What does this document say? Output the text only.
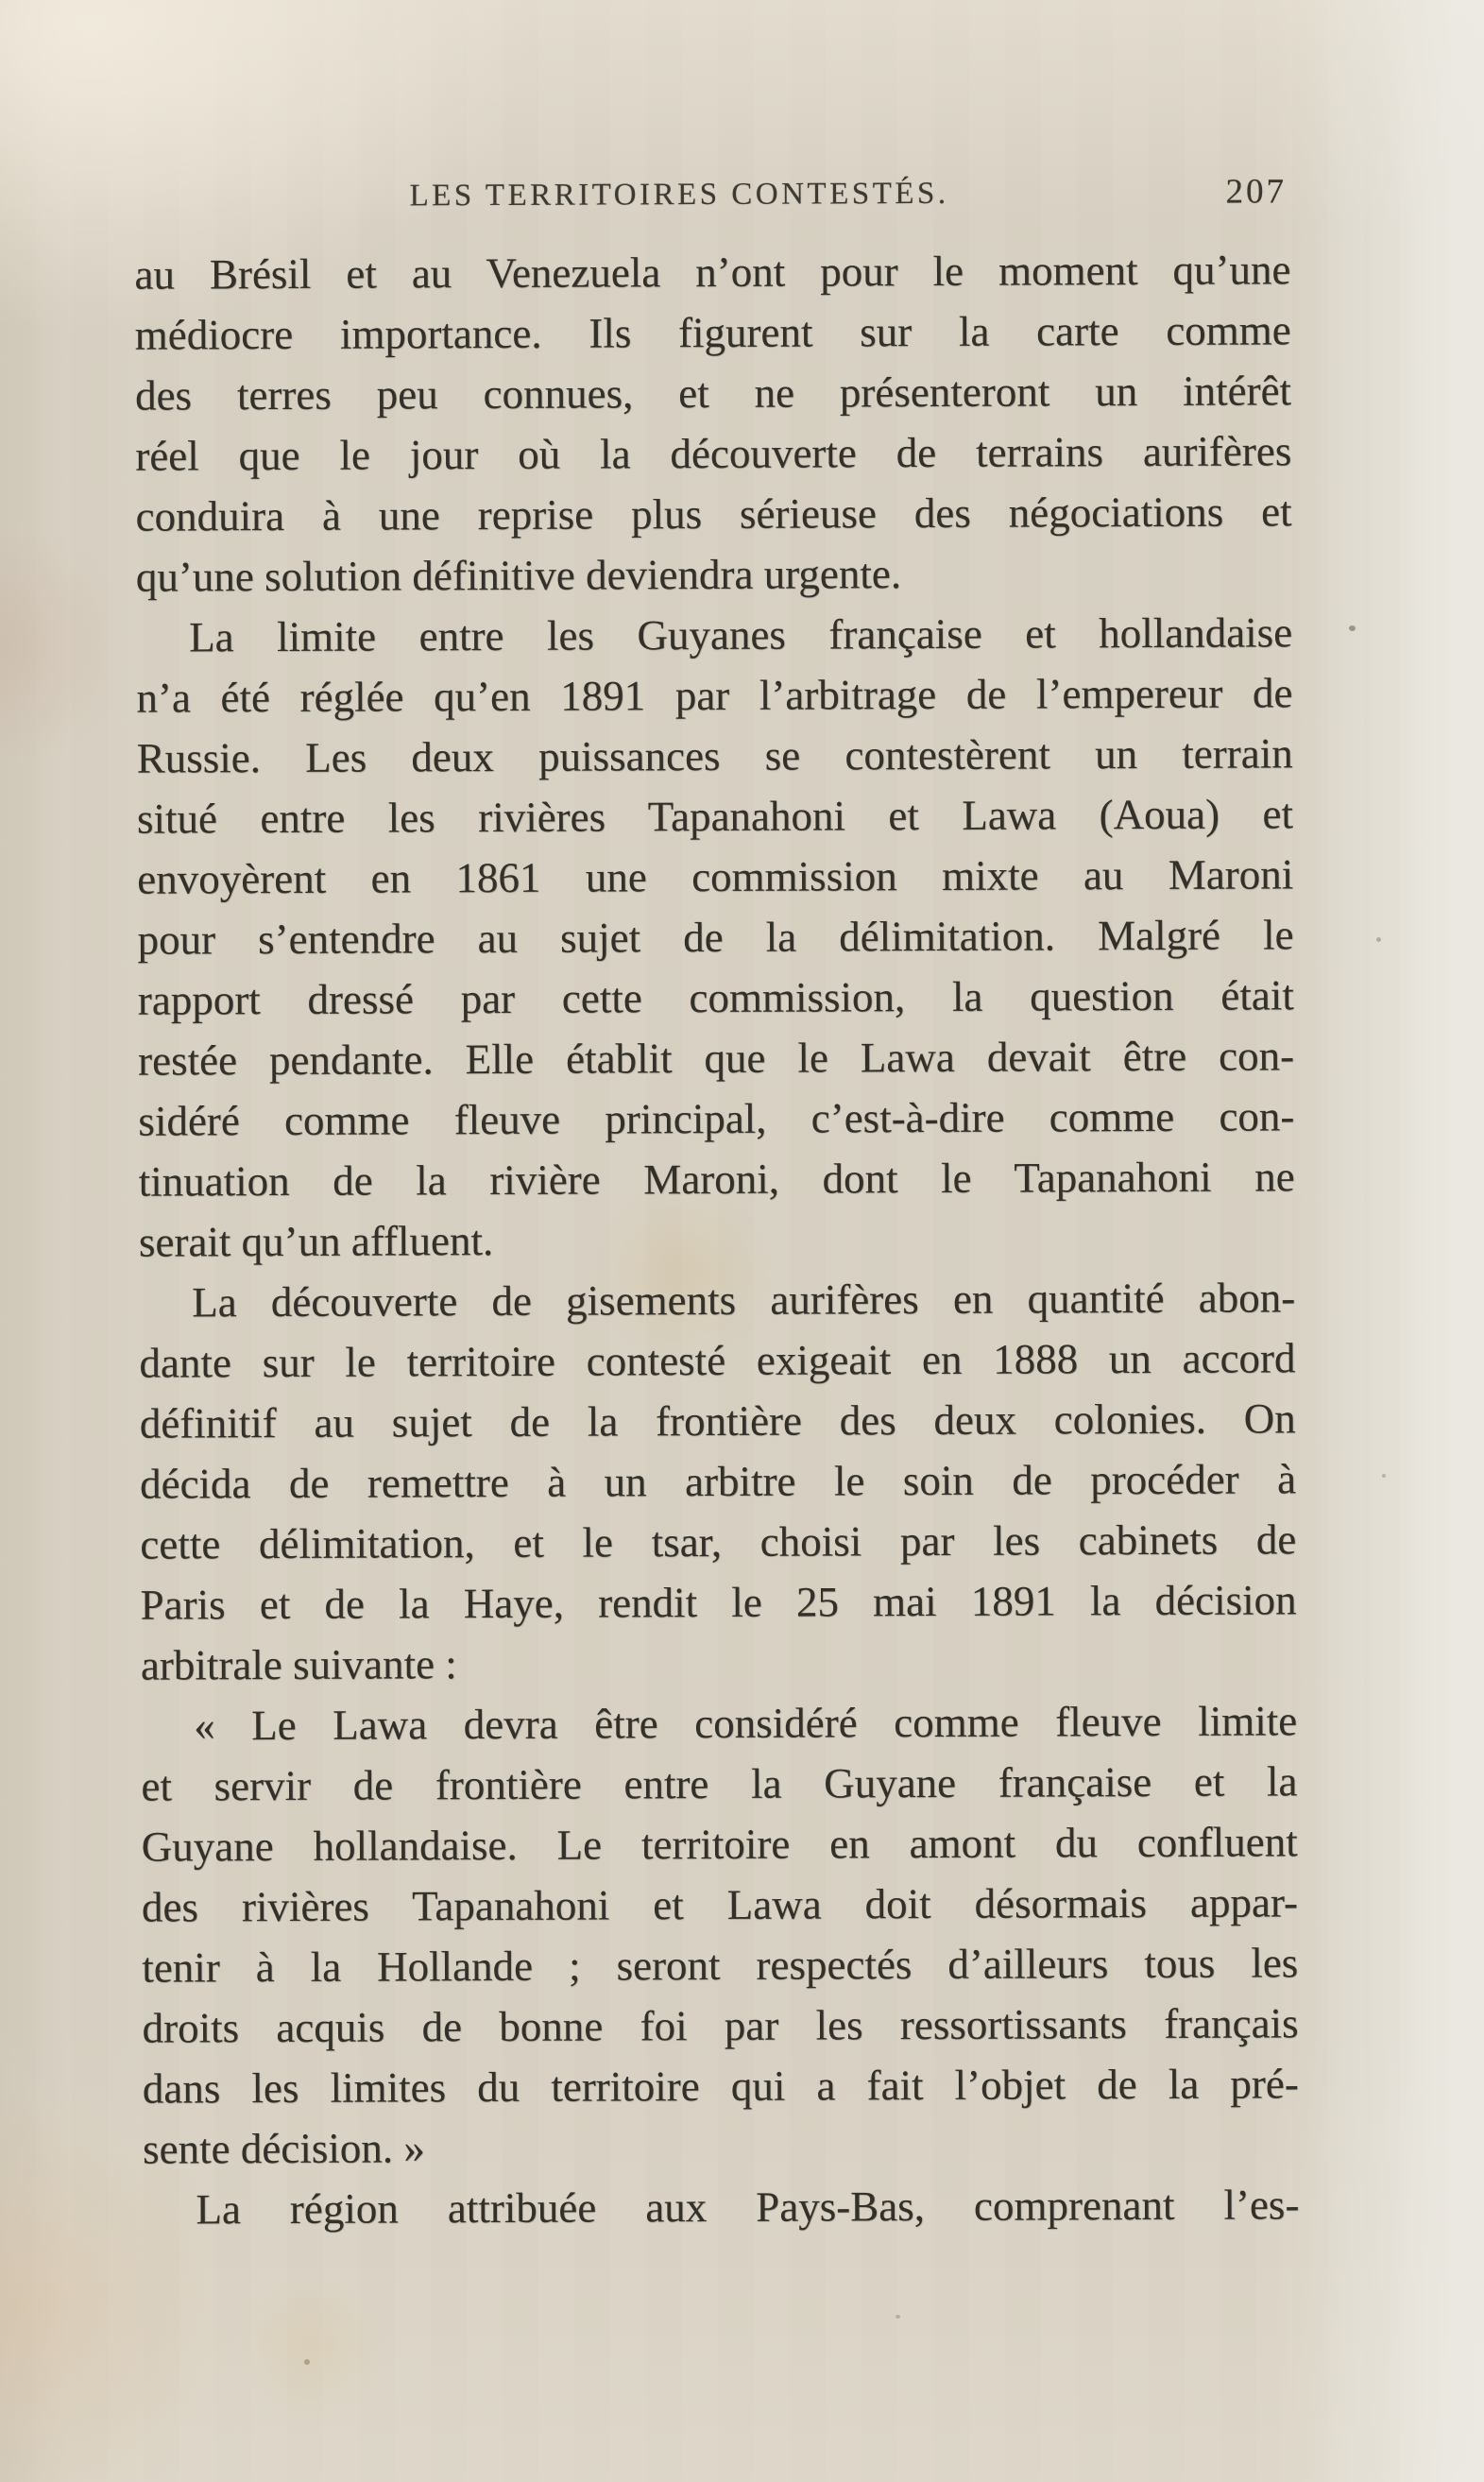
LES TERRITOIRES CONTESTÉS.	207
au Brésil et au Venezuela n’ont pour le moment qu’une
médiocre importance. Ils figurent sur la carte comme
des terres peu connues, et ne présenteront un intérêt
réel que le jour où la découverte de terrains aurifères
conduira à une reprise plus sérieuse des négociations et
qu’une solution définitive deviendra urgente.
La limite entre les Guyanes française et hollandaise
n’a été réglée qu’en 1891 par l’arbitrage de l’empereur de
Russie. Les deux puissances se contestèrent un terrain
situé entre les rivières Tapanahoni et Lawa (Aoua) et
envoyèrent en 1861 une commission mixte au Maroni
pour s’entendre au sujet de la délimitation. Malgré le
rapport dressé par cette commission, la question était
restée pendante. Elle établit que le Lawa devait être con-
sidéré comme fleuve principal, c’est-à-dire comme con-
tinuation de la rivière Maroni, dont le Tapanahoni ne
serait qu’un affluent.
La découverte de gisements aurifères en quantité abon-
dante sur le territoire contesté exigeait en 1888 un accord
définitif au sujet de la frontière des deux colonies. On
décida de remettre à un arbitre le soin de procéder à
cette délimitation, et le tsar, choisi par les cabinets de
Paris et de la Haye, rendit le 25 mai 1891 la décision
arbitrale suivante :
« Le Lawa devra être considéré comme fleuve limite
et servir de frontière entre la Guyane française et la
Guyane hollandaise. Le territoire en amont du confluent
des rivières Tapanahoni et Lawa doit désormais appar-
tenir à la Hollande ; seront respectés d’ailleurs tous les
droits acquis de bonne foi par les ressortissants français
dans les limites du territoire qui a fait l’objet de la pré-
sente décision. »
La région attribuée aux Pays-Bas, comprenant l’es-
